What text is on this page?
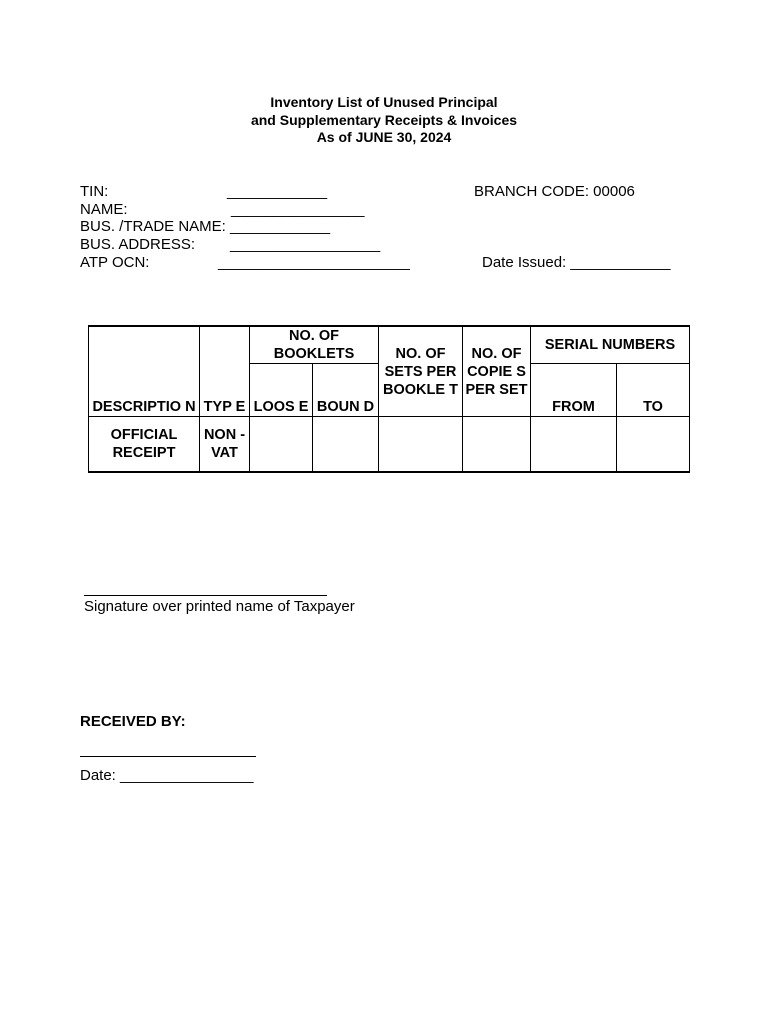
Inventory List of Unused Principal
and Supplementary Receipts & Invoices
As of JUNE 30, 2024
TIN:	____________	BRANCH CODE: 00006
NAME:	________________
BUS. /TRADE NAME: ____________
BUS. ADDRESS: __________________
ATP OCN:	_______________________	Date Issued: ____________
DESCRIPTIO N	TYP E	NO. OF BOOKLETS		NO. OF SETS PER BOOKLE T	NO. OF COPIE S PER SET	SERIAL NUMBERS	
		LOOS E	BOUN D			FROM	TO
OFFICIAL RECEIPT	NON -VAT						
Signature over printed name of Taxpayer
RECEIVED BY:
Date: ________________
